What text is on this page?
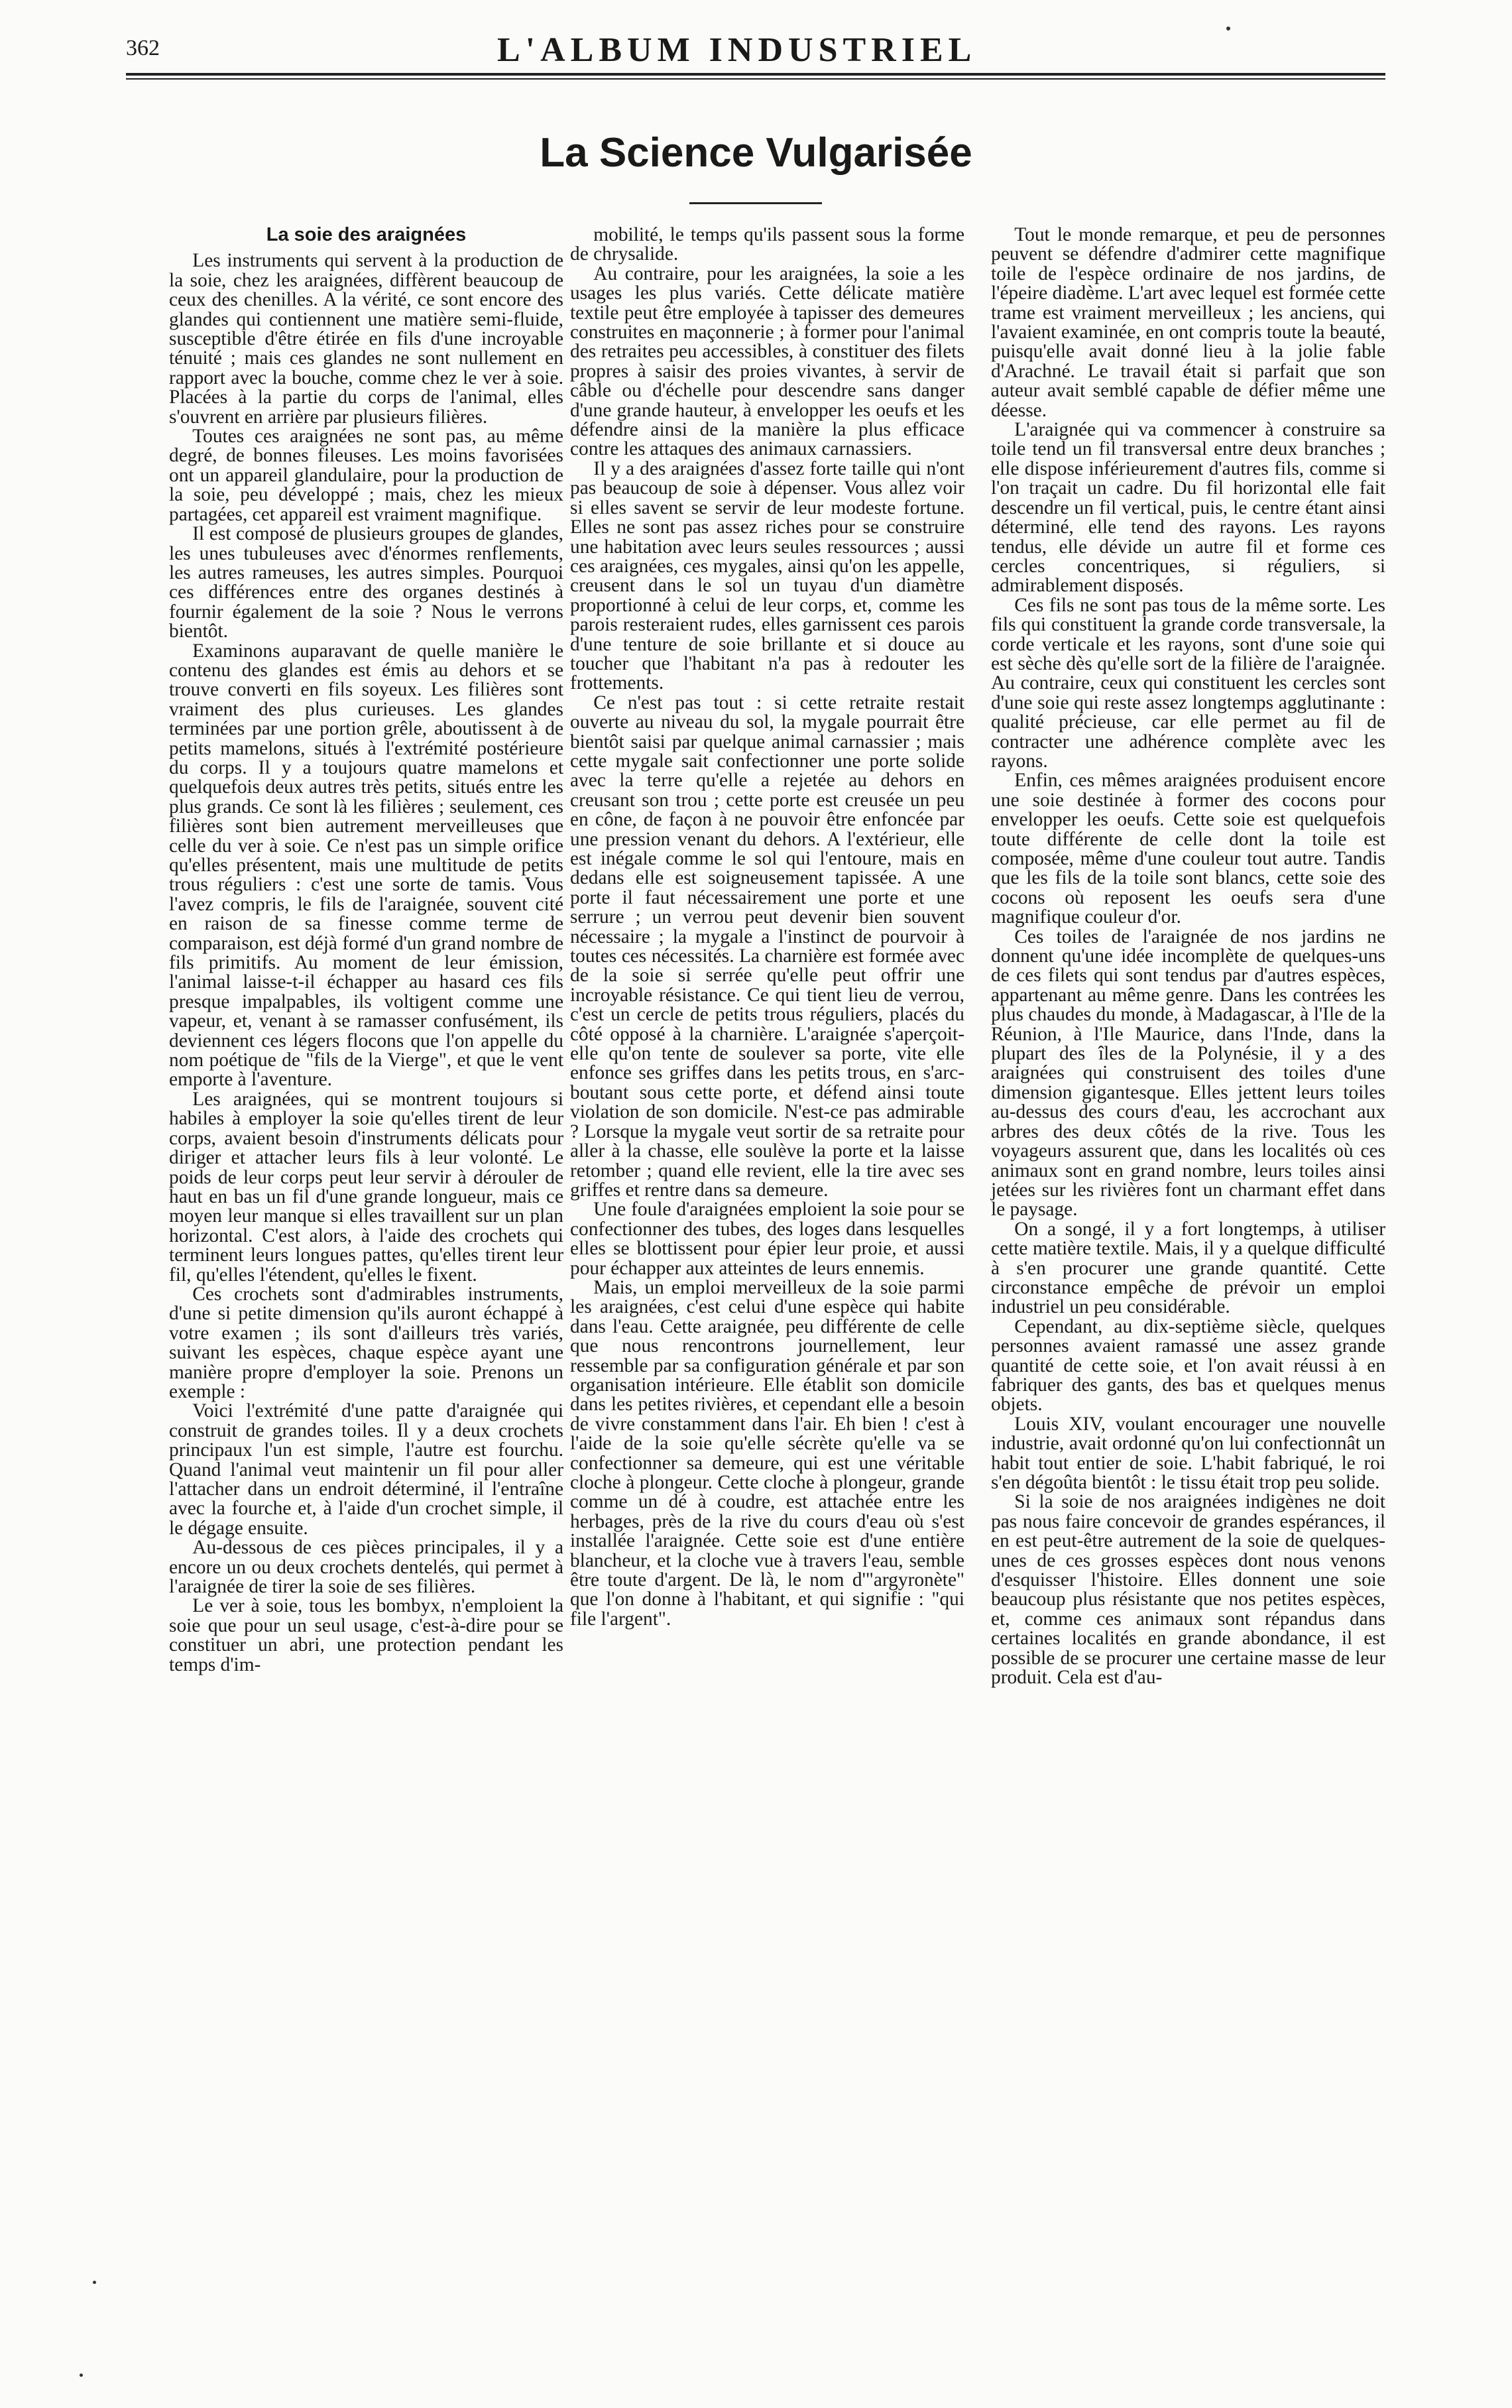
362	L'ALBUM INDUSTRIEL
La Science Vulgarisée
La soie des araignées

Les instruments qui servent à la production de la soie, chez les araignées, diffèrent beaucoup de ceux des chenilles. A la vérité, ce sont encore des glandes qui contiennent une matière semi-fluide, susceptible d'être étirée en fils d'une incroyable ténuité ; mais ces glandes ne sont nullement en rapport avec la bouche, comme chez le ver à soie. Placées à la partie du corps de l'animal, elles s'ouvrent en arrière par plusieurs filières.

Toutes ces araignées ne sont pas, au même degré, de bonnes fileuses. Les moins favorisées ont un appareil glandulaire, pour la production de la soie, peu développé ; mais, chez les mieux partagées, cet appareil est vraiment magnifique.

Il est composé de plusieurs groupes de glandes, les unes tubuleuses avec d'énormes renflements, les autres rameuses, les autres simples. Pourquoi ces différences entre des organes destinés à fournir également de la soie ? Nous le verrons bientôt.

Examinons auparavant de quelle manière le contenu des glandes est émis au dehors et se trouve converti en fils soyeux. Les filières sont vraiment des plus curieuses. Les glandes terminées par une portion grêle, aboutissent à de petits mamelons, situés à l'extrémité postérieure du corps. Il y a toujours quatre mamelons et quelquefois deux autres très petits, situés entre les plus grands. Ce sont là les filières ; seulement, ces filières sont bien autrement merveilleuses que celle du ver à soie. Ce n'est pas un simple orifice qu'elles présentent, mais une multitude de petits trous réguliers : c'est une sorte de tamis. Vous l'avez compris, le fils de l'araignée, souvent cité en raison de sa finesse comme terme de comparaison, est déjà formé d'un grand nombre de fils primitifs. Au moment de leur émission, l'animal laisse-t-il échapper au hasard ces fils presque impalpables, ils voltigent comme une vapeur, et, venant à se ramasser confusément, ils deviennent ces légers flocons que l'on appelle du nom poétique de "fils de la Vierge", et que le vent emporte à l'aventure.

Les araignées, qui se montrent toujours si habiles à employer la soie qu'elles tirent de leur corps, avaient besoin d'instruments délicats pour diriger et attacher leurs fils à leur volonté. Le poids de leur corps peut leur servir à dérouler de haut en bas un fil d'une grande longueur, mais ce moyen leur manque si elles travaillent sur un plan horizontal. C'est alors, à l'aide des crochets qui terminent leurs longues pattes, qu'elles tirent leur fil, qu'elles l'étendent, qu'elles le fixent.

Ces crochets sont d'admirables instruments, d'une si petite dimension qu'ils auront échappé à votre examen ; ils sont d'ailleurs très variés, suivant les espèces, chaque espèce ayant une manière propre d'employer la soie. Prenons un exemple :

Voici l'extrémité d'une patte d'araignée qui construit de grandes toiles. Il y a deux crochets principaux l'un est simple, l'autre est fourchu. Quand l'animal veut maintenir un fil pour aller l'attacher dans un endroit déterminé, il l'entraîne avec la fourche et, à l'aide d'un crochet simple, il le dégage ensuite.

Au-dessous de ces pièces principales, il y a encore un ou deux crochets dentelés, qui permet à l'araignée de tirer la soie de ses filières.

Le ver à soie, tous les bombyx, n'emploient la soie que pour un seul usage, c'est-à-dire pour se constituer un abri, une protection pendant les temps d'im-

mobilité, le temps qu'ils passent sous la forme de chrysalide.

Au contraire, pour les araignées, la soie a les usages les plus variés. Cette délicate matière textile peut être employée à tapisser des demeures construites en maçonnerie ; à former pour l'animal des retraites peu accessibles, à constituer des filets propres à saisir des proies vivantes, à servir de câble ou d'échelle pour descendre sans danger d'une grande hauteur, à envelopper les oeufs et les défendre ainsi de la manière la plus efficace contre les attaques des animaux carnassiers.

Il y a des araignées d'assez forte taille qui n'ont pas beaucoup de soie à dépenser. Vous allez voir si elles savent se servir de leur modeste fortune. Elles ne sont pas assez riches pour se construire une habitation avec leurs seules ressources ; aussi ces araignées, ces mygales, ainsi qu'on les appelle, creusent dans le sol un tuyau d'un diamètre proportionné à celui de leur corps, et, comme les parois resteraient rudes, elles garnissent ces parois d'une tenture de soie brillante et si douce au toucher que l'habitant n'a pas à redouter les frottements.

Ce n'est pas tout : si cette retraite restait ouverte au niveau du sol, la mygale pourrait être bientôt saisi par quelque animal carnassier ; mais cette mygale sait confectionner une porte solide avec la terre qu'elle a rejetée au dehors en creusant son trou ; cette porte est creusée un peu en cône, de façon à ne pouvoir être enfoncée par une pression venant du dehors. A l'extérieur, elle est inégale comme le sol qui l'entoure, mais en dedans elle est soigneusement tapissée. A une porte il faut nécessairement une porte et une serrure ; un verrou peut devenir bien souvent nécessaire ; la mygale a l'instinct de pourvoir à toutes ces nécessités. La charnière est formée avec de la soie si serrée qu'elle peut offrir une incroyable résistance. Ce qui tient lieu de verrou, c'est un cercle de petits trous réguliers, placés du côté opposé à la charnière. L'araignée s'aperçoit-elle qu'on tente de soulever sa porte, vite elle enfonce ses griffes dans les petits trous, en s'arc-boutant sous cette porte, et défend ainsi toute violation de son domicile. N'est-ce pas admirable ? Lorsque la mygale veut sortir de sa retraite pour aller à la chasse, elle soulève la porte et la laisse retomber ; quand elle revient, elle la tire avec ses griffes et rentre dans sa demeure.

Une foule d'araignées emploient la soie pour se confectionner des tubes, des loges dans lesquelles elles se blottissent pour épier leur proie, et aussi pour échapper aux atteintes de leurs ennemis.

Mais, un emploi merveilleux de la soie parmi les araignées, c'est celui d'une espèce qui habite dans l'eau. Cette araignée, peu différente de celle que nous rencontrons journellement, leur ressemble par sa configuration générale et par son organisation intérieure. Elle établit son domicile dans les petites rivières, et cependant elle a besoin de vivre constamment dans l'air. Eh bien ! c'est à l'aide de la soie qu'elle sécrète qu'elle va se confectionner sa demeure, qui est une véritable cloche à plongeur. Cette cloche à plongeur, grande comme un dé à coudre, est attachée entre les herbages, près de la rive du cours d'eau où s'est installée l'araignée. Cette soie est d'une entière blancheur, et la cloche vue à travers l'eau, semble être toute d'argent. De là, le nom d'"argyronète" que l'on donne à l'habitant, et qui signifie : "qui file l'argent".

Tout le monde remarque, et peu de personnes peuvent se défendre d'admirer cette magnifique toile de l'espèce ordinaire de nos jardins, de l'épeire diadème. L'art avec lequel est formée cette trame est vraiment merveilleux ; les anciens, qui l'avaient examinée, en ont compris toute la beauté, puisqu'elle avait donné lieu à la jolie fable d'Arachné. Le travail était si parfait que son auteur avait semblé capable de défier même une déesse.

L'araignée qui va commencer à construire sa toile tend un fil transversal entre deux branches ; elle dispose inférieurement d'autres fils, comme si l'on traçait un cadre. Du fil horizontal elle fait descendre un fil vertical, puis, le centre étant ainsi déterminé, elle tend des rayons. Les rayons tendus, elle dévide un autre fil et forme ces cercles concentriques, si réguliers, si admirablement disposés.

Ces fils ne sont pas tous de la même sorte. Les fils qui constituent la grande corde transversale, la corde verticale et les rayons, sont d'une soie qui est sèche dès qu'elle sort de la filière de l'araignée. Au contraire, ceux qui constituent les cercles sont d'une soie qui reste assez longtemps agglutinante : qualité précieuse, car elle permet au fil de contracter une adhérence complète avec les rayons.

Enfin, ces mêmes araignées produisent encore une soie destinée à former des cocons pour envelopper les oeufs. Cette soie est quelquefois toute différente de celle dont la toile est composée, même d'une couleur tout autre. Tandis que les fils de la toile sont blancs, cette soie des cocons où reposent les oeufs sera d'une magnifique couleur d'or.

Ces toiles de l'araignée de nos jardins ne donnent qu'une idée incomplète de quelques-uns de ces filets qui sont tendus par d'autres espèces, appartenant au même genre. Dans les contrées les plus chaudes du monde, à Madagascar, à l'Ile de la Réunion, à l'Ile Maurice, dans l'Inde, dans la plupart des îles de la Polynésie, il y a des araignées qui construisent des toiles d'une dimension gigantesque. Elles jettent leurs toiles au-dessus des cours d'eau, les accrochant aux arbres des deux côtés de la rive. Tous les voyageurs assurent que, dans les localités où ces animaux sont en grand nombre, leurs toiles ainsi jetées sur les rivières font un charmant effet dans le paysage.

On a songé, il y a fort longtemps, à utiliser cette matière textile. Mais, il y a quelque difficulté à s'en procurer une grande quantité. Cette circonstance empêche de prévoir un emploi industriel un peu considérable.

Cependant, au dix-septième siècle, quelques personnes avaient ramassé une assez grande quantité de cette soie, et l'on avait réussi à en fabriquer des gants, des bas et quelques menus objets.

Louis XIV, voulant encourager une nouvelle industrie, avait ordonné qu'on lui confectionnât un habit tout entier de soie. L'habit fabriqué, le roi s'en dégoûta bientôt : le tissu était trop peu solide.

Si la soie de nos araignées indigènes ne doit pas nous faire concevoir de grandes espérances, il en est peut-être autrement de la soie de quelques-unes de ces grosses espèces dont nous venons d'esquisser l'histoire. Elles donnent une soie beaucoup plus résistante que nos petites espèces, et, comme ces animaux sont répandus dans certaines localités en grande abondance, il est possible de se procurer une certaine masse de leur produit. Cela est d'au-
